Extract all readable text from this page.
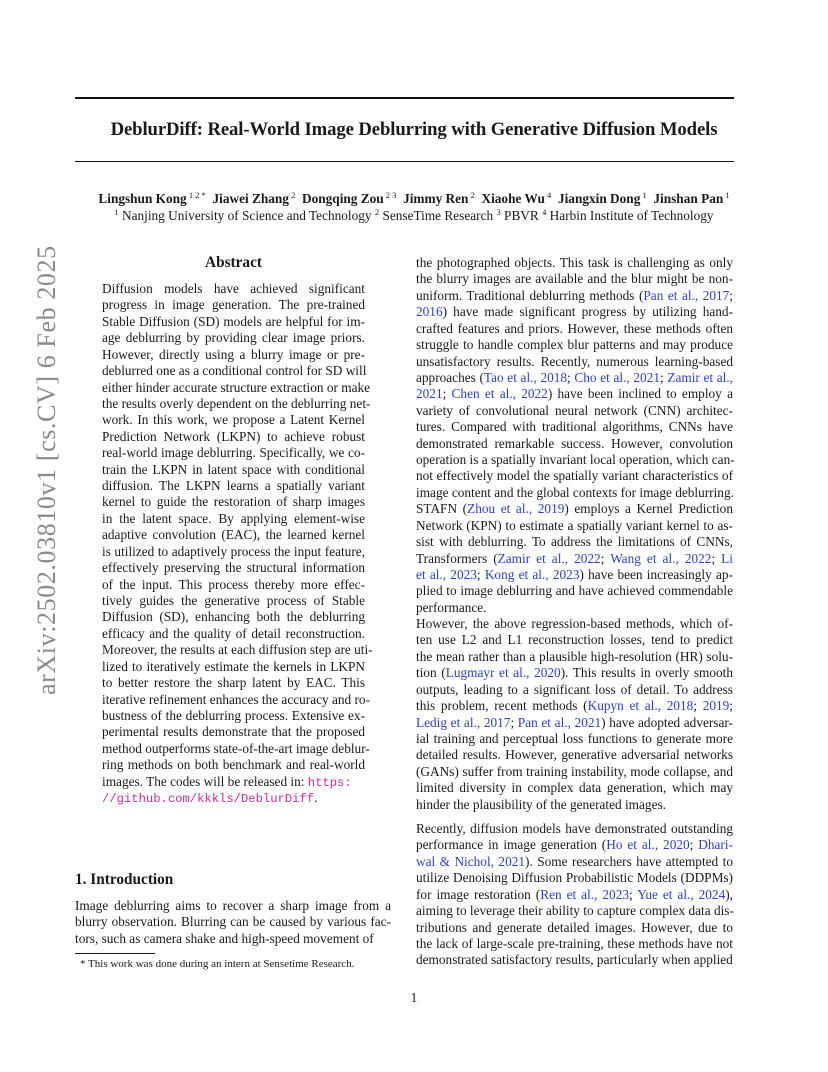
DeblurDiff: Real-World Image Deblurring with Generative Diffusion Models
Lingshun Kong $^{1 2 *}$  Jiawei Zhang $^2$  Dongqing Zou $^{2 3}$  Jimmy Ren $^2$  Xiaohe Wu $^4$  Jiangxin Dong $^1$  Jinshan Pan $^1$
$^1$ Nanjing University of Science and Technology $^2$ SenseTime Research $^3$ PBVR $^4$ Harbin Institute of Technology
arXiv:2502.03810v1 [cs.CV] 6 Feb 2025	Abstract
Diffusion models have achieved significant
progress in image generation. The pre-trained
Stable Diffusion (SD) models are helpful for im-
age deblurring by providing clear image priors.
However, directly using a blurry image or pre-
deblurred one as a conditional control for SD will
either hinder accurate structure extraction or make
the results overly dependent on the deblurring net-
work. In this work, we propose a Latent Kernel
Prediction Network (LKPN) to achieve robust
real-world image deblurring. Specifically, we co-
train the LKPN in latent space with conditional
diffusion. The LKPN learns a spatially variant
kernel to guide the restoration of sharp images
in the latent space. By applying element-wise
adaptive convolution (EAC), the learned kernel
is utilized to adaptively process the input feature,
effectively preserving the structural information
of the input. This process thereby more effec-
tively guides the generative process of Stable
Diffusion (SD), enhancing both the deblurring
efficacy and the quality of detail reconstruction.
Moreover, the results at each diffusion step are uti-
lized to iteratively estimate the kernels in LKPN
to better restore the sharp latent by EAC. This
iterative refinement enhances the accuracy and ro-
bustness of the deblurring process. Extensive ex-
perimental results demonstrate that the proposed
method outperforms state-of-the-art image deblur-
ring methods on both benchmark and real-world
images. The codes will be released in: https:
//github.com/kkkls/DeblurDiff.
1. Introduction
Image deblurring aims to recover a sharp image from a
blurry observation. Blurring can be caused by various fac-
tors, such as camera shake and high-speed movement of
* This work was done during an intern at Sensetime Research.
the photographed objects. This task is challenging as only
the blurry images are available and the blur might be non-
uniform. Traditional deblurring methods (Pan et al., 2017;
2016) have made significant progress by utilizing hand-
crafted features and priors. However, these methods often
struggle to handle complex blur patterns and may produce
unsatisfactory results. Recently, numerous learning-based
approaches (Tao et al., 2018; Cho et al., 2021; Zamir et al.,
2021; Chen et al., 2022) have been inclined to employ a
variety of convolutional neural network (CNN) architec-
tures. Compared with traditional algorithms, CNNs have
demonstrated remarkable success. However, convolution
operation is a spatially invariant local operation, which can-
not effectively model the spatially variant characteristics of
image content and the global contexts for image deblurring.
STAFN (Zhou et al., 2019) employs a Kernel Prediction
Network (KPN) to estimate a spatially variant kernel to as-
sist with deblurring. To address the limitations of CNNs,
Transformers (Zamir et al., 2022; Wang et al., 2022; Li
et al., 2023; Kong et al., 2023) have been increasingly ap-
plied to image deblurring and have achieved commendable
performance.
However, the above regression-based methods, which of-
ten use L2 and L1 reconstruction losses, tend to predict
the mean rather than a plausible high-resolution (HR) solu-
tion (Lugmayr et al., 2020). This results in overly smooth
outputs, leading to a significant loss of detail. To address
this problem, recent methods (Kupyn et al., 2018; 2019;
Ledig et al., 2017; Pan et al., 2021) have adopted adversar-
ial training and perceptual loss functions to generate more
detailed results. However, generative adversarial networks
(GANs) suffer from training instability, mode collapse, and
limited diversity in complex data generation, which may
hinder the plausibility of the generated images.
Recently, diffusion models have demonstrated outstanding
performance in image generation (Ho et al., 2020; Dhari-
wal & Nichol, 2021). Some researchers have attempted to
utilize Denoising Diffusion Probabilistic Models (DDPMs)
for image restoration (Ren et al., 2023; Yue et al., 2024),
aiming to leverage their ability to capture complex data dis-
tributions and generate detailed images. However, due to
the lack of large-scale pre-training, these methods have not
demonstrated satisfactory results, particularly when applied
1
